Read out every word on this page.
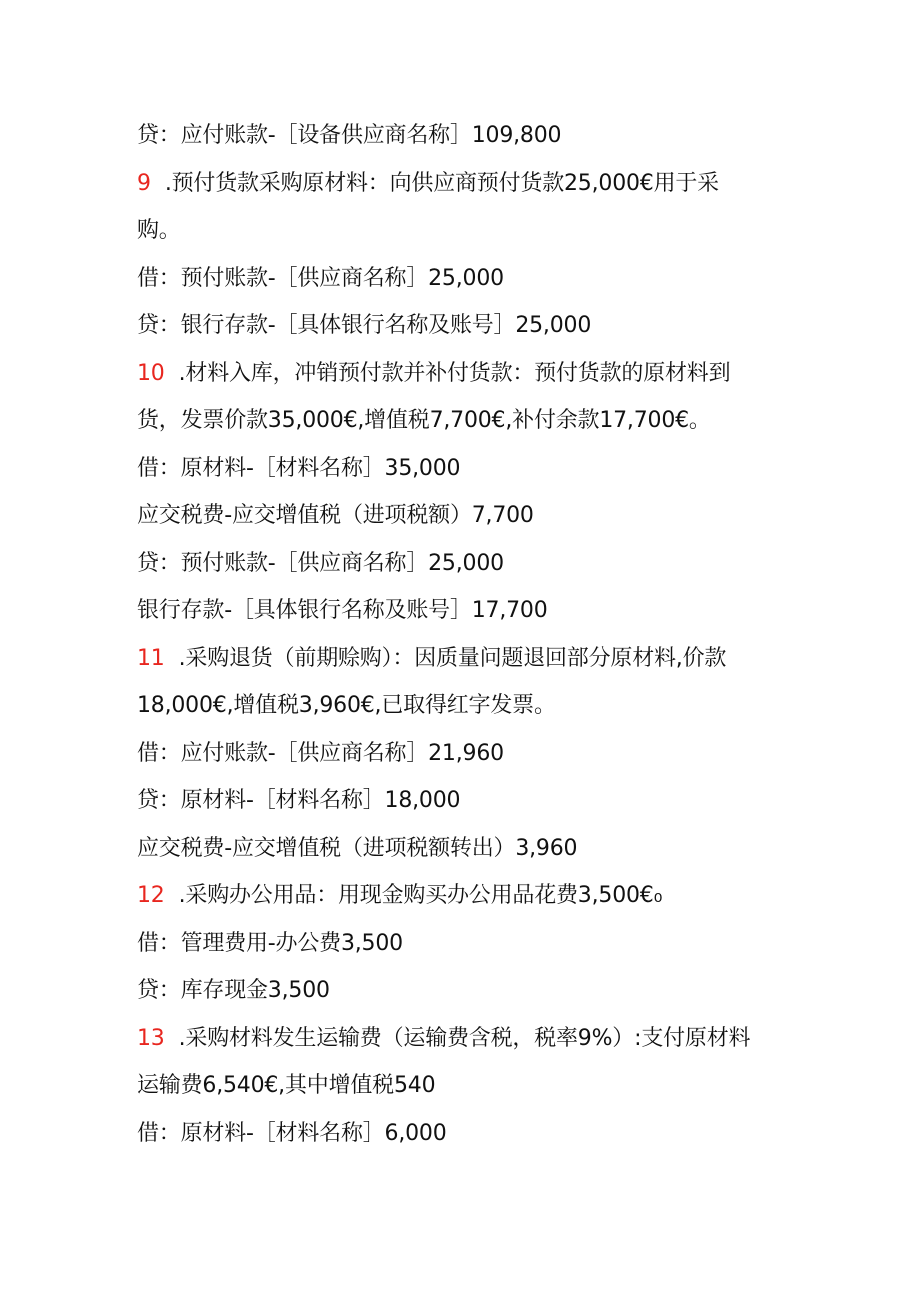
贷：应付账款-［设备供应商名称］109,800
9 .预付货款采购原材料：向供应商预付货款25,000€用于采
购。
借：预付账款-［供应商名称］25,000
贷：银行存款-［具体银行名称及账号］25,000
10 .材料入库，冲销预付款并补付货款：预付货款的原材料到
货，发票价款35,000€,增值税7,700€,补付余款17,700€。
借：原材料-［材料名称］35,000
应交税费-应交增值税（进项税额）7,700
贷：预付账款-［供应商名称］25,000
银行存款-［具体银行名称及账号］17,700
11 .采购退货（前期赊购）：因质量问题退回部分原材料,价款
18,000€,增值税3,960€,已取得红字发票。
借：应付账款-［供应商名称］21,960
贷：原材料-［材料名称］18,000
应交税费-应交增值税（进项税额转出）3,960
12 .采购办公用品：用现金购买办公用品花费3,500€₀
借：管理费用-办公费3,500
贷：库存现金3,500
13 .采购材料发生运输费（运输费含税，税率9%）:支付原材料
运输费6,540€,其中增值税540
借：原材料-［材料名称］6,000
